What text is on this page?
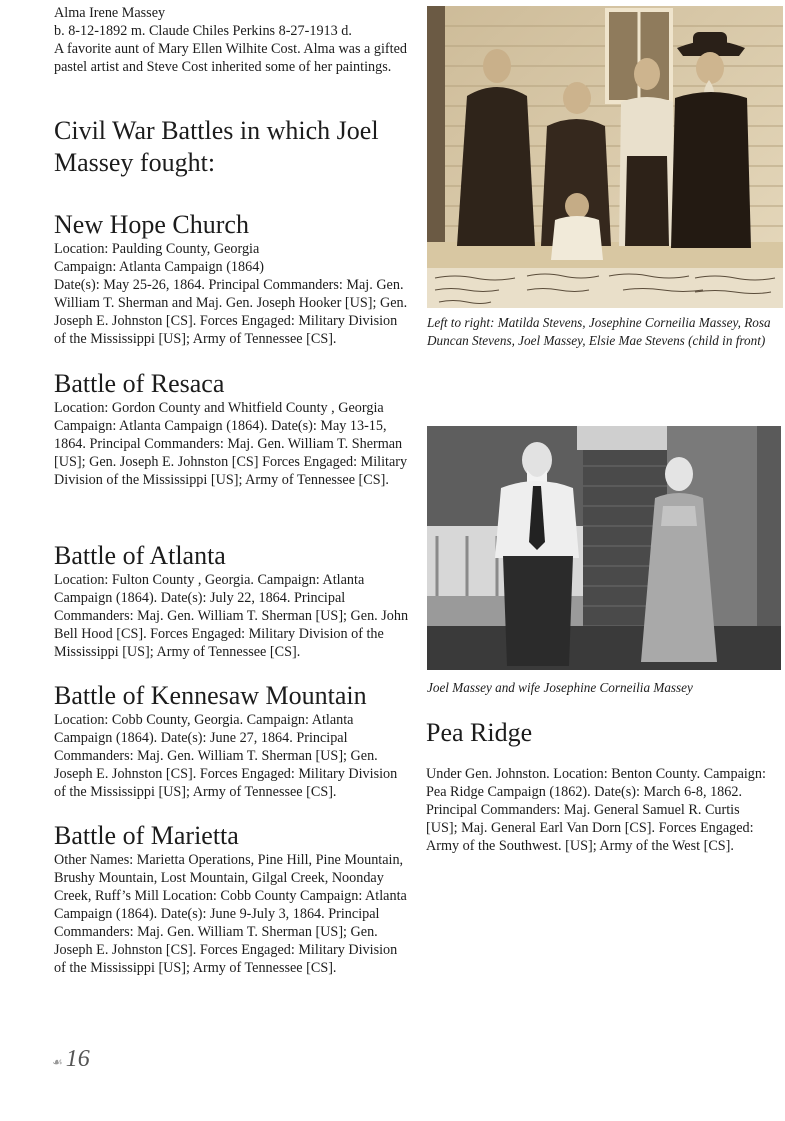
Alma Irene Massey

b. 8-12-1892 m. Claude Chiles Perkins 8-27-1913 d.

A favorite aunt of Mary Ellen Wilhite Cost. Alma was a gifted pastel artist and Steve Cost inherited some of her paintings.

Civil War Battles in which Joel Massey fought:
New Hope Church

Location: Paulding County, Georgia

Campaign: Atlanta Campaign (1864)

Date(s): May 25-26, 1864. Principal Commanders: Maj. Gen. William T. Sherman and Maj. Gen. Joseph Hooker [US]; Gen. Joseph E. Johnston [CS]. Forces Engaged: Military Division of the Mississippi [US]; Army of Tennessee [CS].

Battle of Resaca

Location: Gordon County and Whitfield County , Georgia Campaign: Atlanta Campaign (1864). Date(s): May 13-15, 1864. Principal Commanders: Maj. Gen. William T. Sherman [US]; Gen. Joseph E. Johnston [CS] Forces Engaged: Military Division of the Mississippi [US]; Army of Tennessee [CS].

Battle of Atlanta

Location: Fulton County , Georgia. Campaign: Atlanta Campaign (1864). Date(s): July 22, 1864. Principal Commanders: Maj. Gen. William T. Sherman [US]; Gen. John Bell Hood [CS]. Forces Engaged: Military Division of the Mississippi [US]; Army of Tennessee [CS].

Battle of Kennesaw Mountain

Location: Cobb County, Georgia. Campaign: Atlanta Campaign (1864). Date(s): June 27, 1864. Principal Commanders: Maj. Gen. William T. Sherman [US]; Gen. Joseph E. Johnston [CS]. Forces Engaged: Military Division of the Mississippi [US]; Army of Tennessee [CS].

Battle of Marietta

Other Names: Marietta Operations, Pine Hill, Pine Mountain, Brushy Mountain, Lost Mountain, Gilgal Creek, Noonday Creek, Ruff’s Mill Location: Cobb County Campaign: Atlanta Campaign (1864). Date(s): June 9-July 3, 1864. Principal Commanders: Maj. Gen. William T. Sherman [US]; Gen. Joseph E. Johnston [CS]. Forces Engaged: Military Division of the Mississippi [US]; Army of Tennessee [CS].

Left to right: Matilda Stevens, Josephine Corneilia Massey, Rosa Duncan Stevens, Joel Massey, Elsie Mae Stevens (child in front)

Joel Massey and wife Josephine Corneilia Massey

Pea Ridge

Under Gen. Johnston. Location: Benton County. Campaign: Pea Ridge Campaign (1862). Date(s): March 6-8, 1862. Principal Commanders: Maj. General Samuel R. Curtis [US]; Maj. General Earl Van Dorn [CS]. Forces Engaged: Army of the Southwest. [US]; Army of the West [CS].

☙ 16
